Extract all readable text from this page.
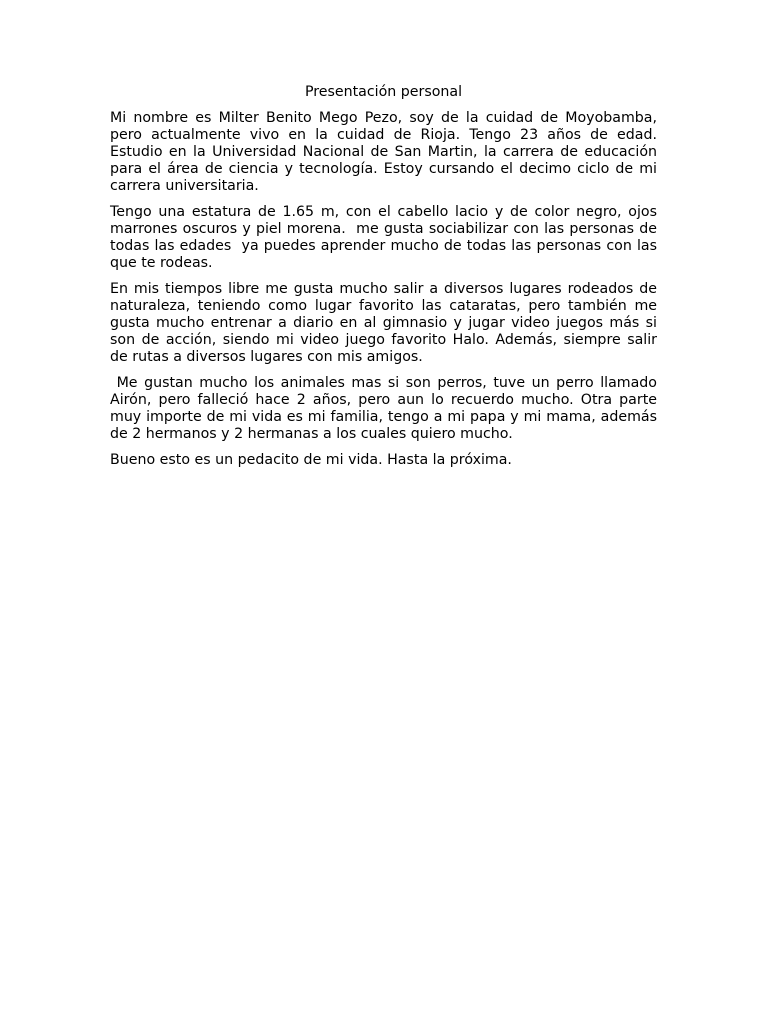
Presentación personal

Mi nombre es Milter Benito Mego Pezo, soy de la cuidad de Moyobamba, pero actualmente vivo en la cuidad de Rioja. Tengo 23 años de edad. Estudio en la Universidad Nacional de San Martin, la carrera de educación para el área de ciencia y tecnología. Estoy cursando el decimo ciclo de mi carrera universitaria.

Tengo una estatura de 1.65 m, con el cabello lacio y de color negro, ojos marrones oscuros y piel morena.  me gusta sociabilizar con las personas de todas las edades  ya puedes aprender mucho de todas las personas con las que te rodeas.

En mis tiempos libre me gusta mucho salir a diversos lugares rodeados de naturaleza, teniendo como lugar favorito las cataratas, pero también me gusta mucho entrenar a diario en al gimnasio y jugar video juegos más si son de acción, siendo mi video juego favorito Halo. Además, siempre salir de rutas a diversos lugares con mis amigos.

Me gustan mucho los animales mas si son perros, tuve un perro llamado Airón, pero falleció hace 2 años, pero aun lo recuerdo mucho. Otra parte muy importe de mi vida es mi familia, tengo a mi papa y mi mama, además de 2 hermanos y 2 hermanas a los cuales quiero mucho.

Bueno esto es un pedacito de mi vida. Hasta la próxima.
